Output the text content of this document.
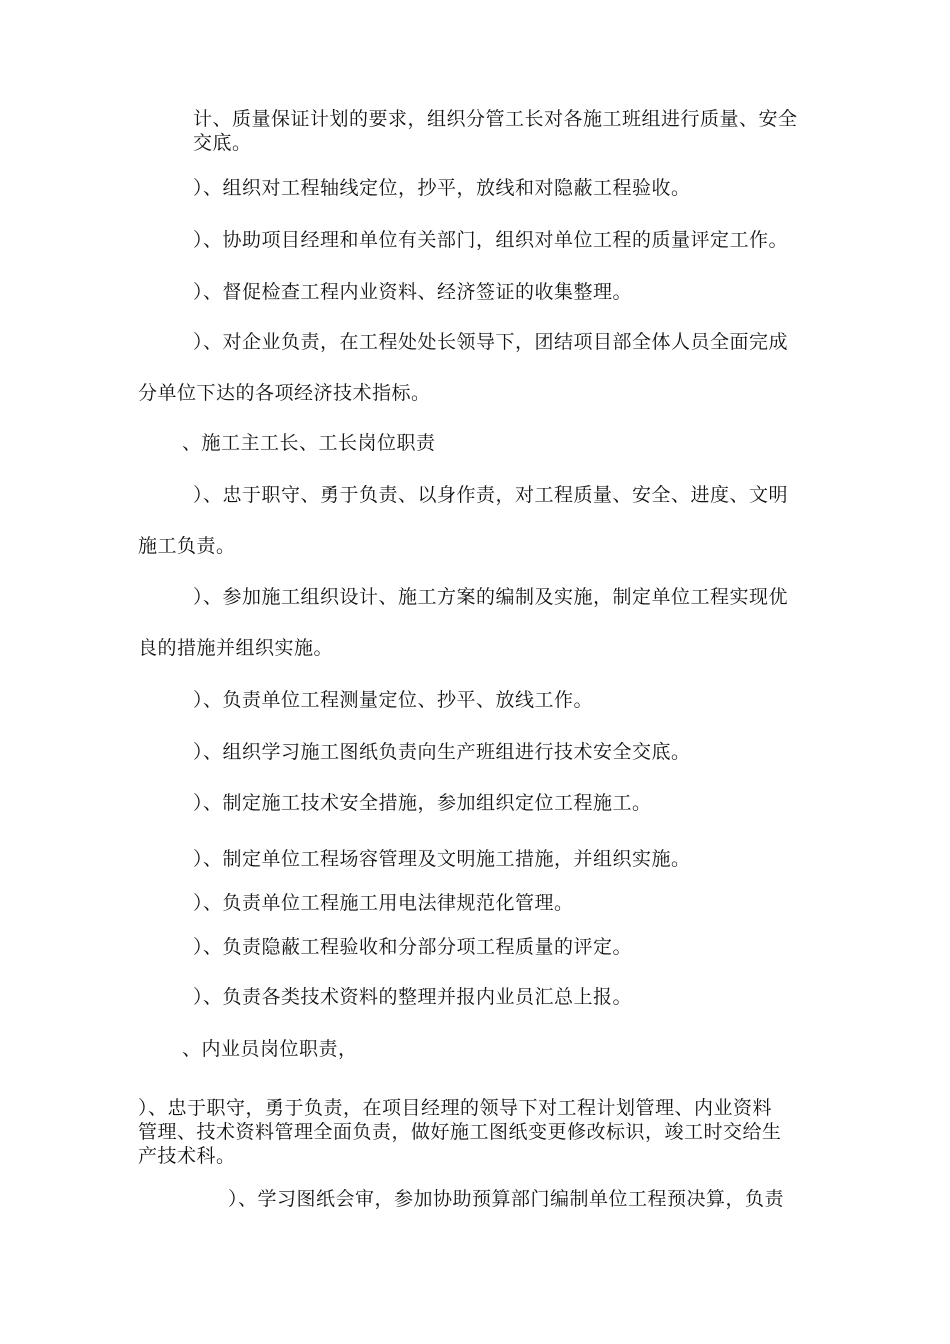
计、质量保证计划的要求，组织分管工长对各施工班组进行质量、安全
交底。
）、组织对工程轴线定位，抄平，放线和对隐蔽工程验收。
）、协助项目经理和单位有关部门，组织对单位工程的质量评定工作。
）、督促检查工程内业资料、经济签证的收集整理。
）、对企业负责，在工程处处长领导下，团结项目部全体人员全面完成
分单位下达的各项经济技术指标。
、施工主工长、工长岗位职责
）、忠于职守、勇于负责、以身作责，对工程质量、安全、进度、文明
施工负责。
）、参加施工组织设计、施工方案的编制及实施，制定单位工程实现优
良的措施并组织实施。
）、负责单位工程测量定位、抄平、放线工作。
）、组织学习施工图纸负责向生产班组进行技术安全交底。
）、制定施工技术安全措施，参加组织定位工程施工。
）、制定单位工程场容管理及文明施工措施，并组织实施。
）、负责单位工程施工用电法律规范化管理。
）、负责隐蔽工程验收和分部分项工程质量的评定。
）、负责各类技术资料的整理并报内业员汇总上报。
、内业员岗位职责，
）、忠于职守，勇于负责，在项目经理的领导下对工程计划管理、内业资料
管理、技术资料管理全面负责，做好施工图纸变更修改标识，竣工时交给生
产技术科。
）、学习图纸会审，参加协助预算部门编制单位工程预决算，负责
